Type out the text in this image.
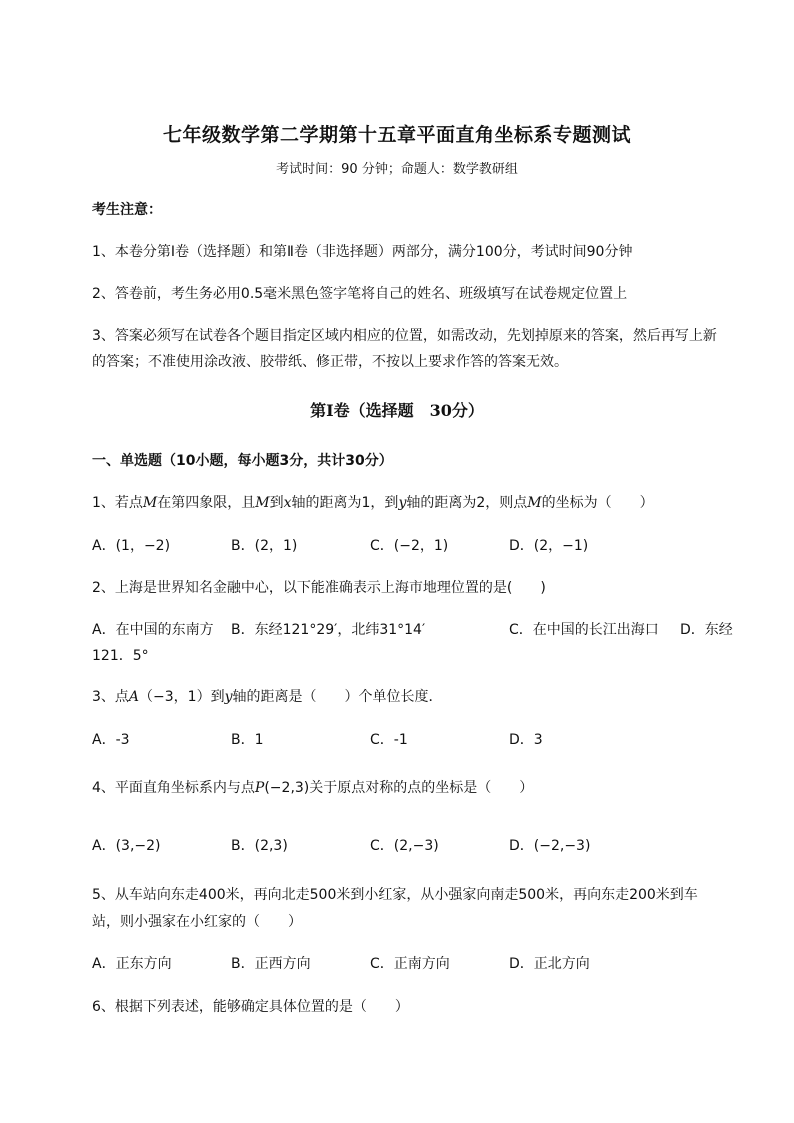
七年级数学第二学期第十五章平面直角坐标系专题测试
考试时间：90 分钟；命题人：数学教研组
考生注意：
1、本卷分第Ⅰ卷（选择题）和第Ⅱ卷（非选择题）两部分，满分100分，考试时间90分钟
2、答卷前，考生务必用0.5毫米黑色签字笔将自己的姓名、班级填写在试卷规定位置上
3、答案必须写在试卷各个题目指定区域内相应的位置，如需改动，先划掉原来的答案，然后再写上新
的答案；不准使用涂改液、胶带纸、修正带，不按以上要求作答的答案无效。
第Ⅰ卷（选择题　30分）
一、单选题（10小题，每小题3分，共计30分）
1、若点M在第四象限，且M到x轴的距离为1，到y轴的距离为2，则点M的坐标为（　　）
A．(1，−2)	B．(2，1)	C．(−2，1)	D．(2，−1)
2、上海是世界知名金融中心，以下能准确表示上海市地理位置的是(　　)
A．在中国的东南方 B．东经121°29′，北纬31°14′	C．在中国的长江出海口 D．东经
121．5°
3、点A（−3，1）到y轴的距离是（　　）个单位长度．
A．-3	B．1	C．-1	D．3
4、平面直角坐标系内与点P(−2,3)关于原点对称的点的坐标是（　　）
A．(3,−2)	B．(2,3)	C．(2,−3)	D．(−2,−3)
5、从车站向东走400米，再向北走500米到小红家，从小强家向南走500米，再向东走200米到车
站，则小强家在小红家的（　　）
A．正东方向	B．正西方向	C．正南方向	D．正北方向
6、根据下列表述，能够确定具体位置的是（　　）
